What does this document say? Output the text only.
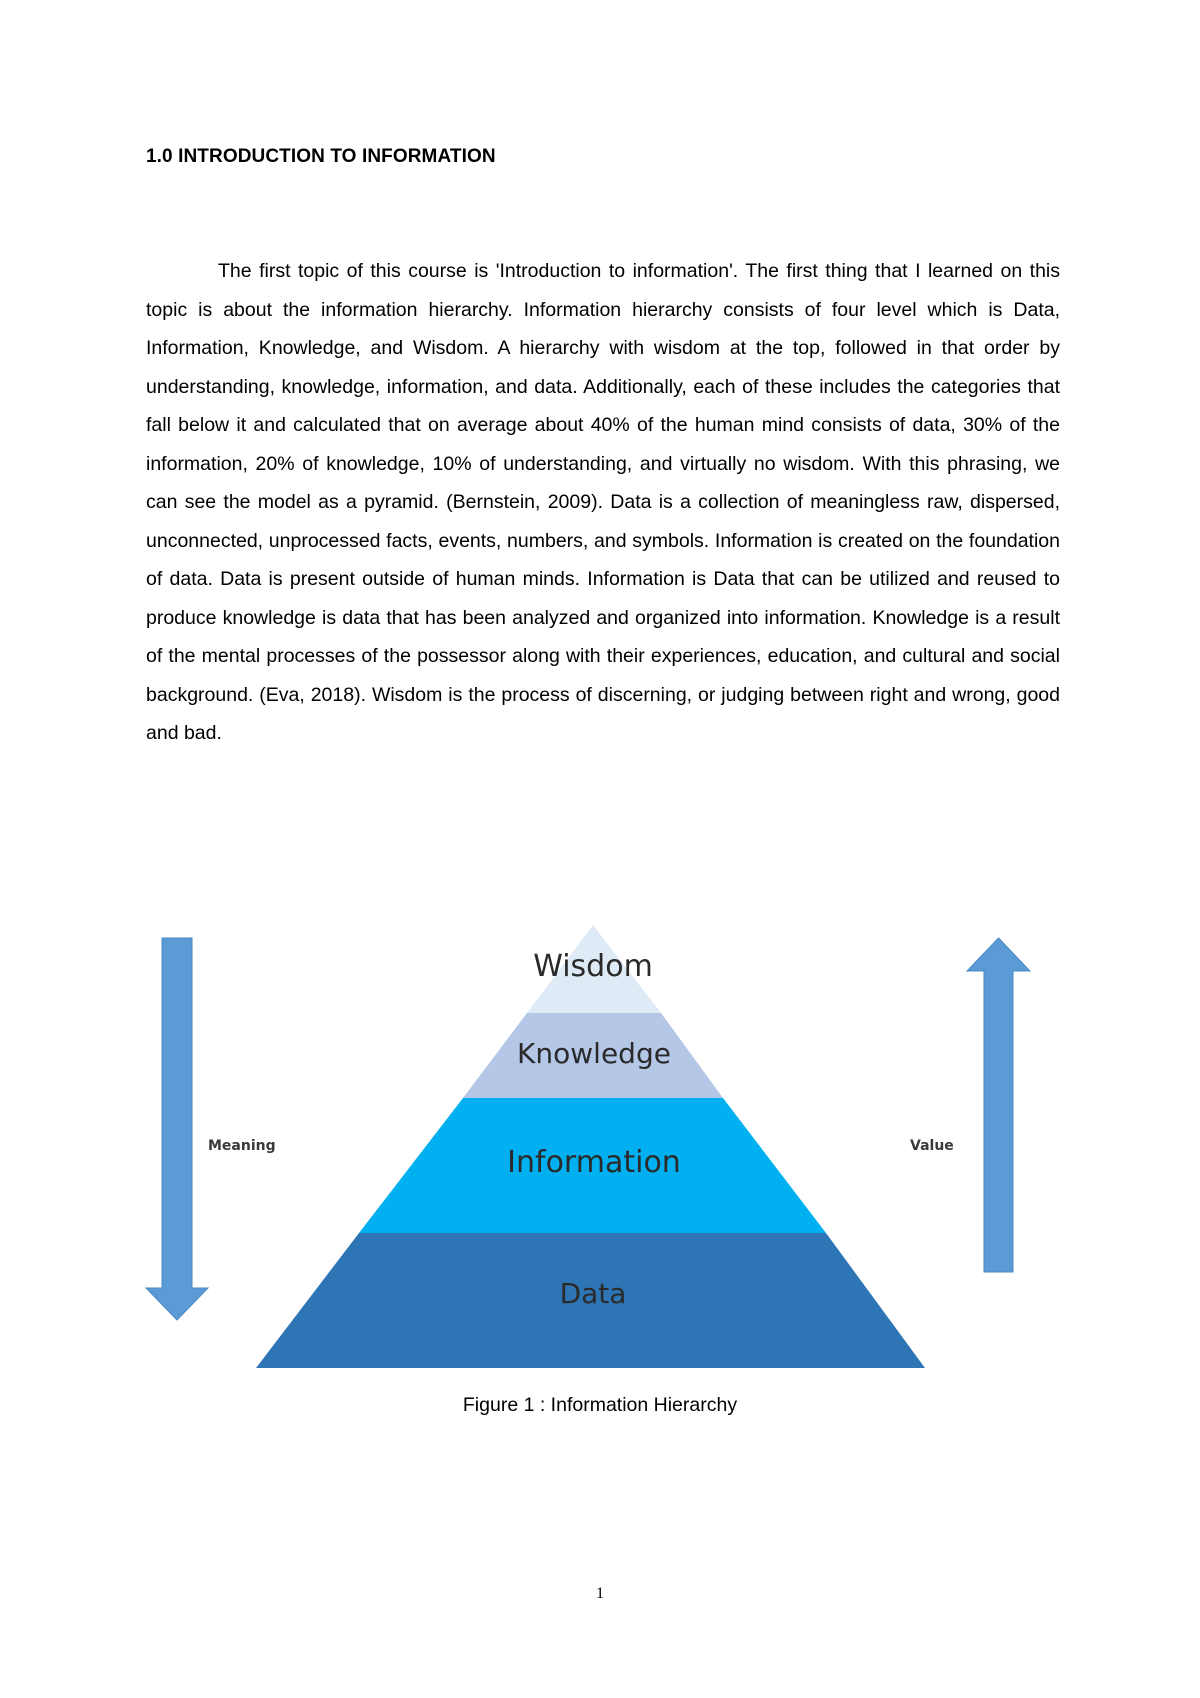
1.0 INTRODUCTION TO INFORMATION

The first topic of this course is 'Introduction to information'. The first thing that I learned on this topic is about the information hierarchy. Information hierarchy consists of four level which is Data, Information, Knowledge, and Wisdom. A hierarchy with wisdom at the top, followed in that order by understanding, knowledge, information, and data. Additionally, each of these includes the categories that fall below it and calculated that on average about 40% of the human mind consists of data, 30% of the information, 20% of knowledge, 10% of understanding, and virtually no wisdom. With this phrasing, we can see the model as a pyramid. (Bernstein, 2009). Data is a collection of meaningless raw, dispersed, unconnected, unprocessed facts, events, numbers, and symbols. Information is created on the foundation of data. Data is present outside of human minds. Information is Data that can be utilized and reused to produce knowledge is data that has been analyzed and organized into information. Knowledge is a result of the mental processes of the possessor along with their experiences, education, and cultural and social background. (Eva, 2018). Wisdom is the process of discerning, or judging between right and wrong, good and bad.

Wisdom
Knowledge
Information
Data
Meaning	Value
Figure 1 : Information Hierarchy
1
